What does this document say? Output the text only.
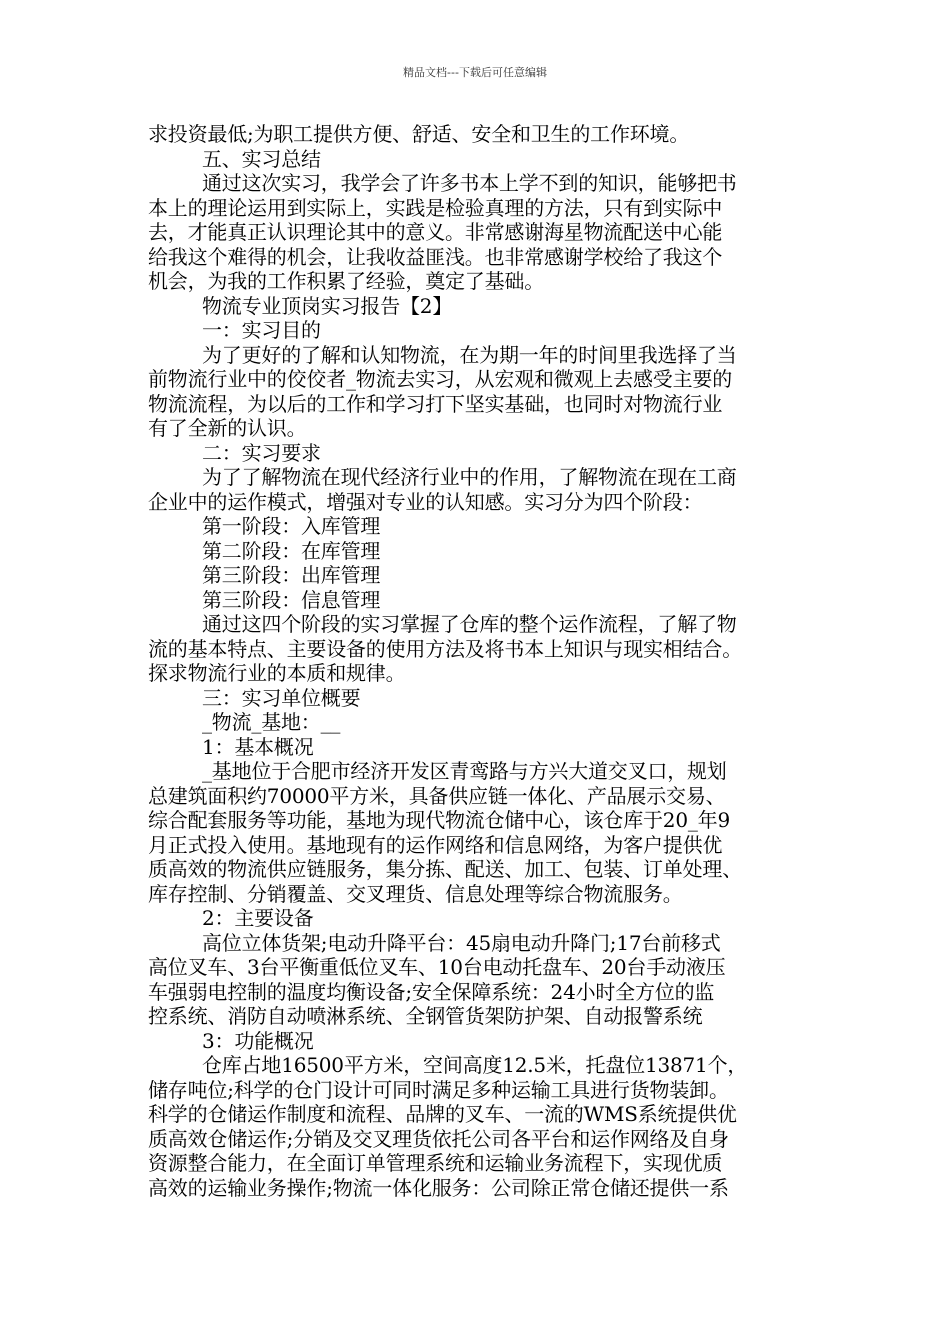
精品文档---下载后可任意编辑
求投资最低;为职工提供方便、舒适、安全和卫生的工作环境。
五、实习总结
通过这次实习，我学会了许多书本上学不到的知识，能够把书
本上的理论运用到实际上，实践是检验真理的方法，只有到实际中
去，才能真正认识理论其中的意义。非常感谢海星物流配送中心能
给我这个难得的机会，让我收益匪浅。也非常感谢学校给了我这个
机会，为我的工作积累了经验，奠定了基础。
物流专业顶岗实习报告【2】
一：实习目的
为了更好的了解和认知物流，在为期一年的时间里我选择了当
前物流行业中的佼佼者_物流去实习，从宏观和微观上去感受主要的
物流流程，为以后的工作和学习打下坚实基础，也同时对物流行业
有了全新的认识。
二：实习要求
为了了解物流在现代经济行业中的作用，了解物流在现在工商
企业中的运作模式，增强对专业的认知感。实习分为四个阶段：
第一阶段：入库管理
第二阶段：在库管理
第三阶段：出库管理
第三阶段：信息管理
通过这四个阶段的实习掌握了仓库的整个运作流程，了解了物
流的基本特点、主要设备的使用方法及将书本上知识与现实相结合。
探求物流行业的本质和规律。
三：实习单位概要
_物流_基地：__
1：基本概况
_基地位于合肥市经济开发区青鸾路与方兴大道交叉口，规划
总建筑面积约70000平方米，具备供应链一体化、产品展示交易、
综合配套服务等功能，基地为现代物流仓储中心，该仓库于20_年9
月正式投入使用。基地现有的运作网络和信息网络，为客户提供优
质高效的物流供应链服务，集分拣、配送、加工、包装、订单处理、
库存控制、分销覆盖、交叉理货、信息处理等综合物流服务。
2：主要设备
高位立体货架;电动升降平台：45扇电动升降门;17台前移式
高位叉车、3台平衡重低位叉车、10台电动托盘车、20台手动液压
车强弱电控制的温度均衡设备;安全保障系统：24小时全方位的监
控系统、消防自动喷淋系统、全钢管货架防护架、自动报警系统
3：功能概况
仓库占地16500平方米，空间高度12.5米，托盘位13871个，
储存吨位;科学的仓门设计可同时满足多种运输工具进行货物装卸。
科学的仓储运作制度和流程、品牌的叉车、一流的WMS系统提供优
质高效仓储运作;分销及交叉理货依托公司各平台和运作网络及自身
资源整合能力，在全面订单管理系统和运输业务流程下，实现优质
高效的运输业务操作;物流一体化服务：公司除正常仓储还提供一系
